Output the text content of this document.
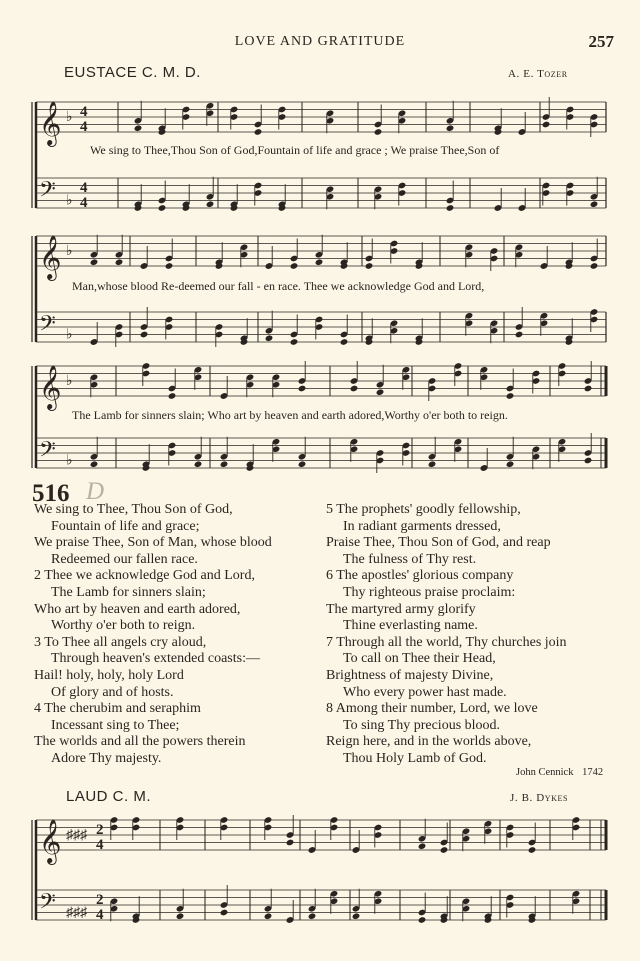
LOVE AND GRATITUDE	257
EUSTACE C. M. D.	A. E. Tozer
𝄞 ♭ 4
4
𝄢 ♭
4
4
We sing to Thee,Thou Son of God,Fountain of life and grace ; We praise Thee,Son of
𝄞 ♭
𝄢 ♭
Man,whose blood Re-deemed our fall - en race. Thee we acknowledge God and Lord,
𝄞 ♭
𝄢 ♭
The Lamb for sinners slain; Who art by heaven and earth adored,Worthy o'er both to reign.
516 D
We sing to Thee, Thou Son of God,
Fountain of life and grace;
We praise Thee, Son of Man, whose blood
Redeemed our fallen race.
2 Thee we acknowledge God and Lord,
The Lamb for sinners slain;
Who art by heaven and earth adored,
Worthy o'er both to reign.
3 To Thee all angels cry aloud,
Through heaven's extended coasts:—
Hail! holy, holy, holy Lord
Of glory and of hosts.
4 The cherubim and seraphim
Incessant sing to Thee;
The worlds and all the powers therein
Adore Thy majesty.
5 The prophets' goodly fellowship,
In radiant garments dressed,
Praise Thee, Thou Son of God, and reap
The fulness of Thy rest.
6 The apostles' glorious company
Thy righteous praise proclaim:
The martyred army glorify
Thine everlasting name.
7 Through all the world, Thy churches join
To call on Thee their Head,
Brightness of majesty Divine,
Who every power hast made.
8 Among their number, Lord, we love
To sing Thy precious blood.
Reign here, and in the worlds above,
Thou Holy Lamb of God.
John Cennick 1742
LAUD C. M.	J. B. Dykes
𝄞 ♯♯♯ 2
4
𝄢 ♯♯♯
2
4
